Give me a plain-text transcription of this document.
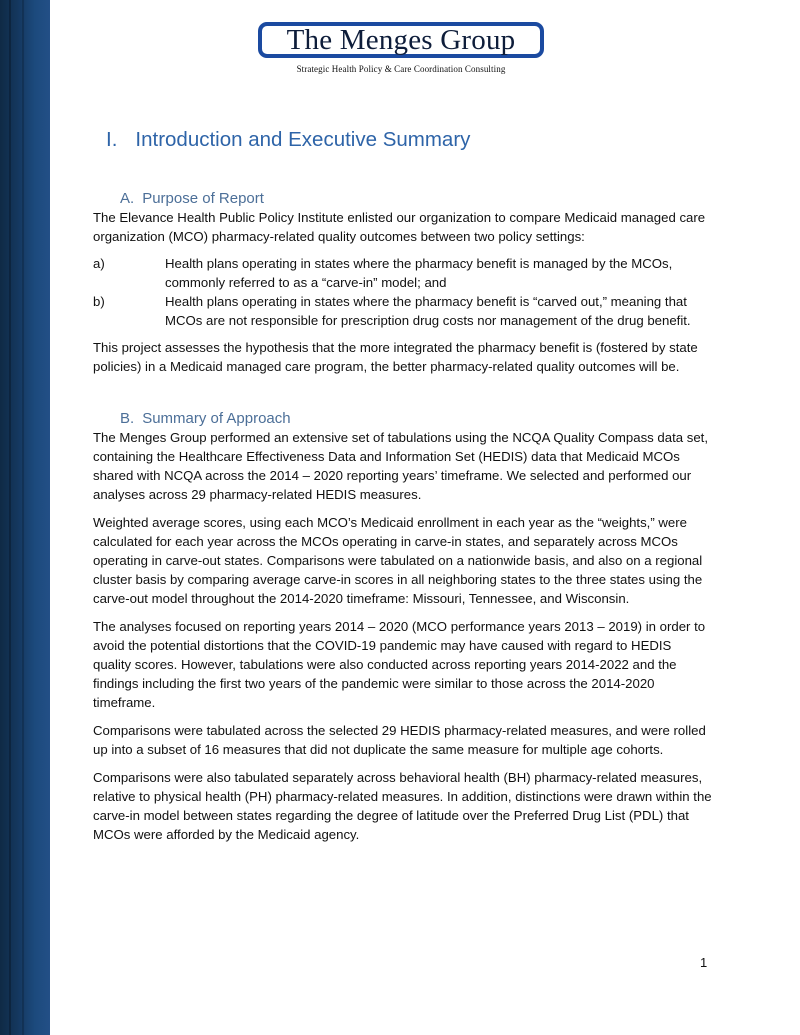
The Menges Group
Strategic Health Policy & Care Coordination Consulting
I. Introduction and Executive Summary
A. Purpose of Report

The Elevance Health Public Policy Institute enlisted our organization to compare Medicaid managed care organization (MCO) pharmacy-related quality outcomes between two policy settings:

a)	Health plans operating in states where the pharmacy benefit is managed by the MCOs, commonly referred to as a “carve-in” model; and
b)	Health plans operating in states where the pharmacy benefit is “carved out,” meaning that MCOs are not responsible for prescription drug costs nor management of the drug benefit.

This project assesses the hypothesis that the more integrated the pharmacy benefit is (fostered by state policies) in a Medicaid managed care program, the better pharmacy-related quality outcomes will be.

B. Summary of Approach

The Menges Group performed an extensive set of tabulations using the NCQA Quality Compass data set, containing the Healthcare Effectiveness Data and Information Set (HEDIS) data that Medicaid MCOs shared with NCQA across the 2014 – 2020 reporting years’ timeframe. We selected and performed our analyses across 29 pharmacy-related HEDIS measures.

Weighted average scores, using each MCO’s Medicaid enrollment in each year as the “weights,” were calculated for each year across the MCOs operating in carve-in states, and separately across MCOs operating in carve-out states. Comparisons were tabulated on a nationwide basis, and also on a regional cluster basis by comparing average carve-in scores in all neighboring states to the three states using the carve-out model throughout the 2014-2020 timeframe: Missouri, Tennessee, and Wisconsin.

The analyses focused on reporting years 2014 – 2020 (MCO performance years 2013 – 2019) in order to avoid the potential distortions that the COVID-19 pandemic may have caused with regard to HEDIS quality scores. However, tabulations were also conducted across reporting years 2014-2022 and the findings including the first two years of the pandemic were similar to those across the 2014-2020 timeframe.

Comparisons were tabulated across the selected 29 HEDIS pharmacy-related measures, and were rolled up into a subset of 16 measures that did not duplicate the same measure for multiple age cohorts.

Comparisons were also tabulated separately across behavioral health (BH) pharmacy-related measures, relative to physical health (PH) pharmacy-related measures. In addition, distinctions were drawn within the carve-in model between states regarding the degree of latitude over the Preferred Drug List (PDL) that MCOs were afforded by the Medicaid agency.

1
